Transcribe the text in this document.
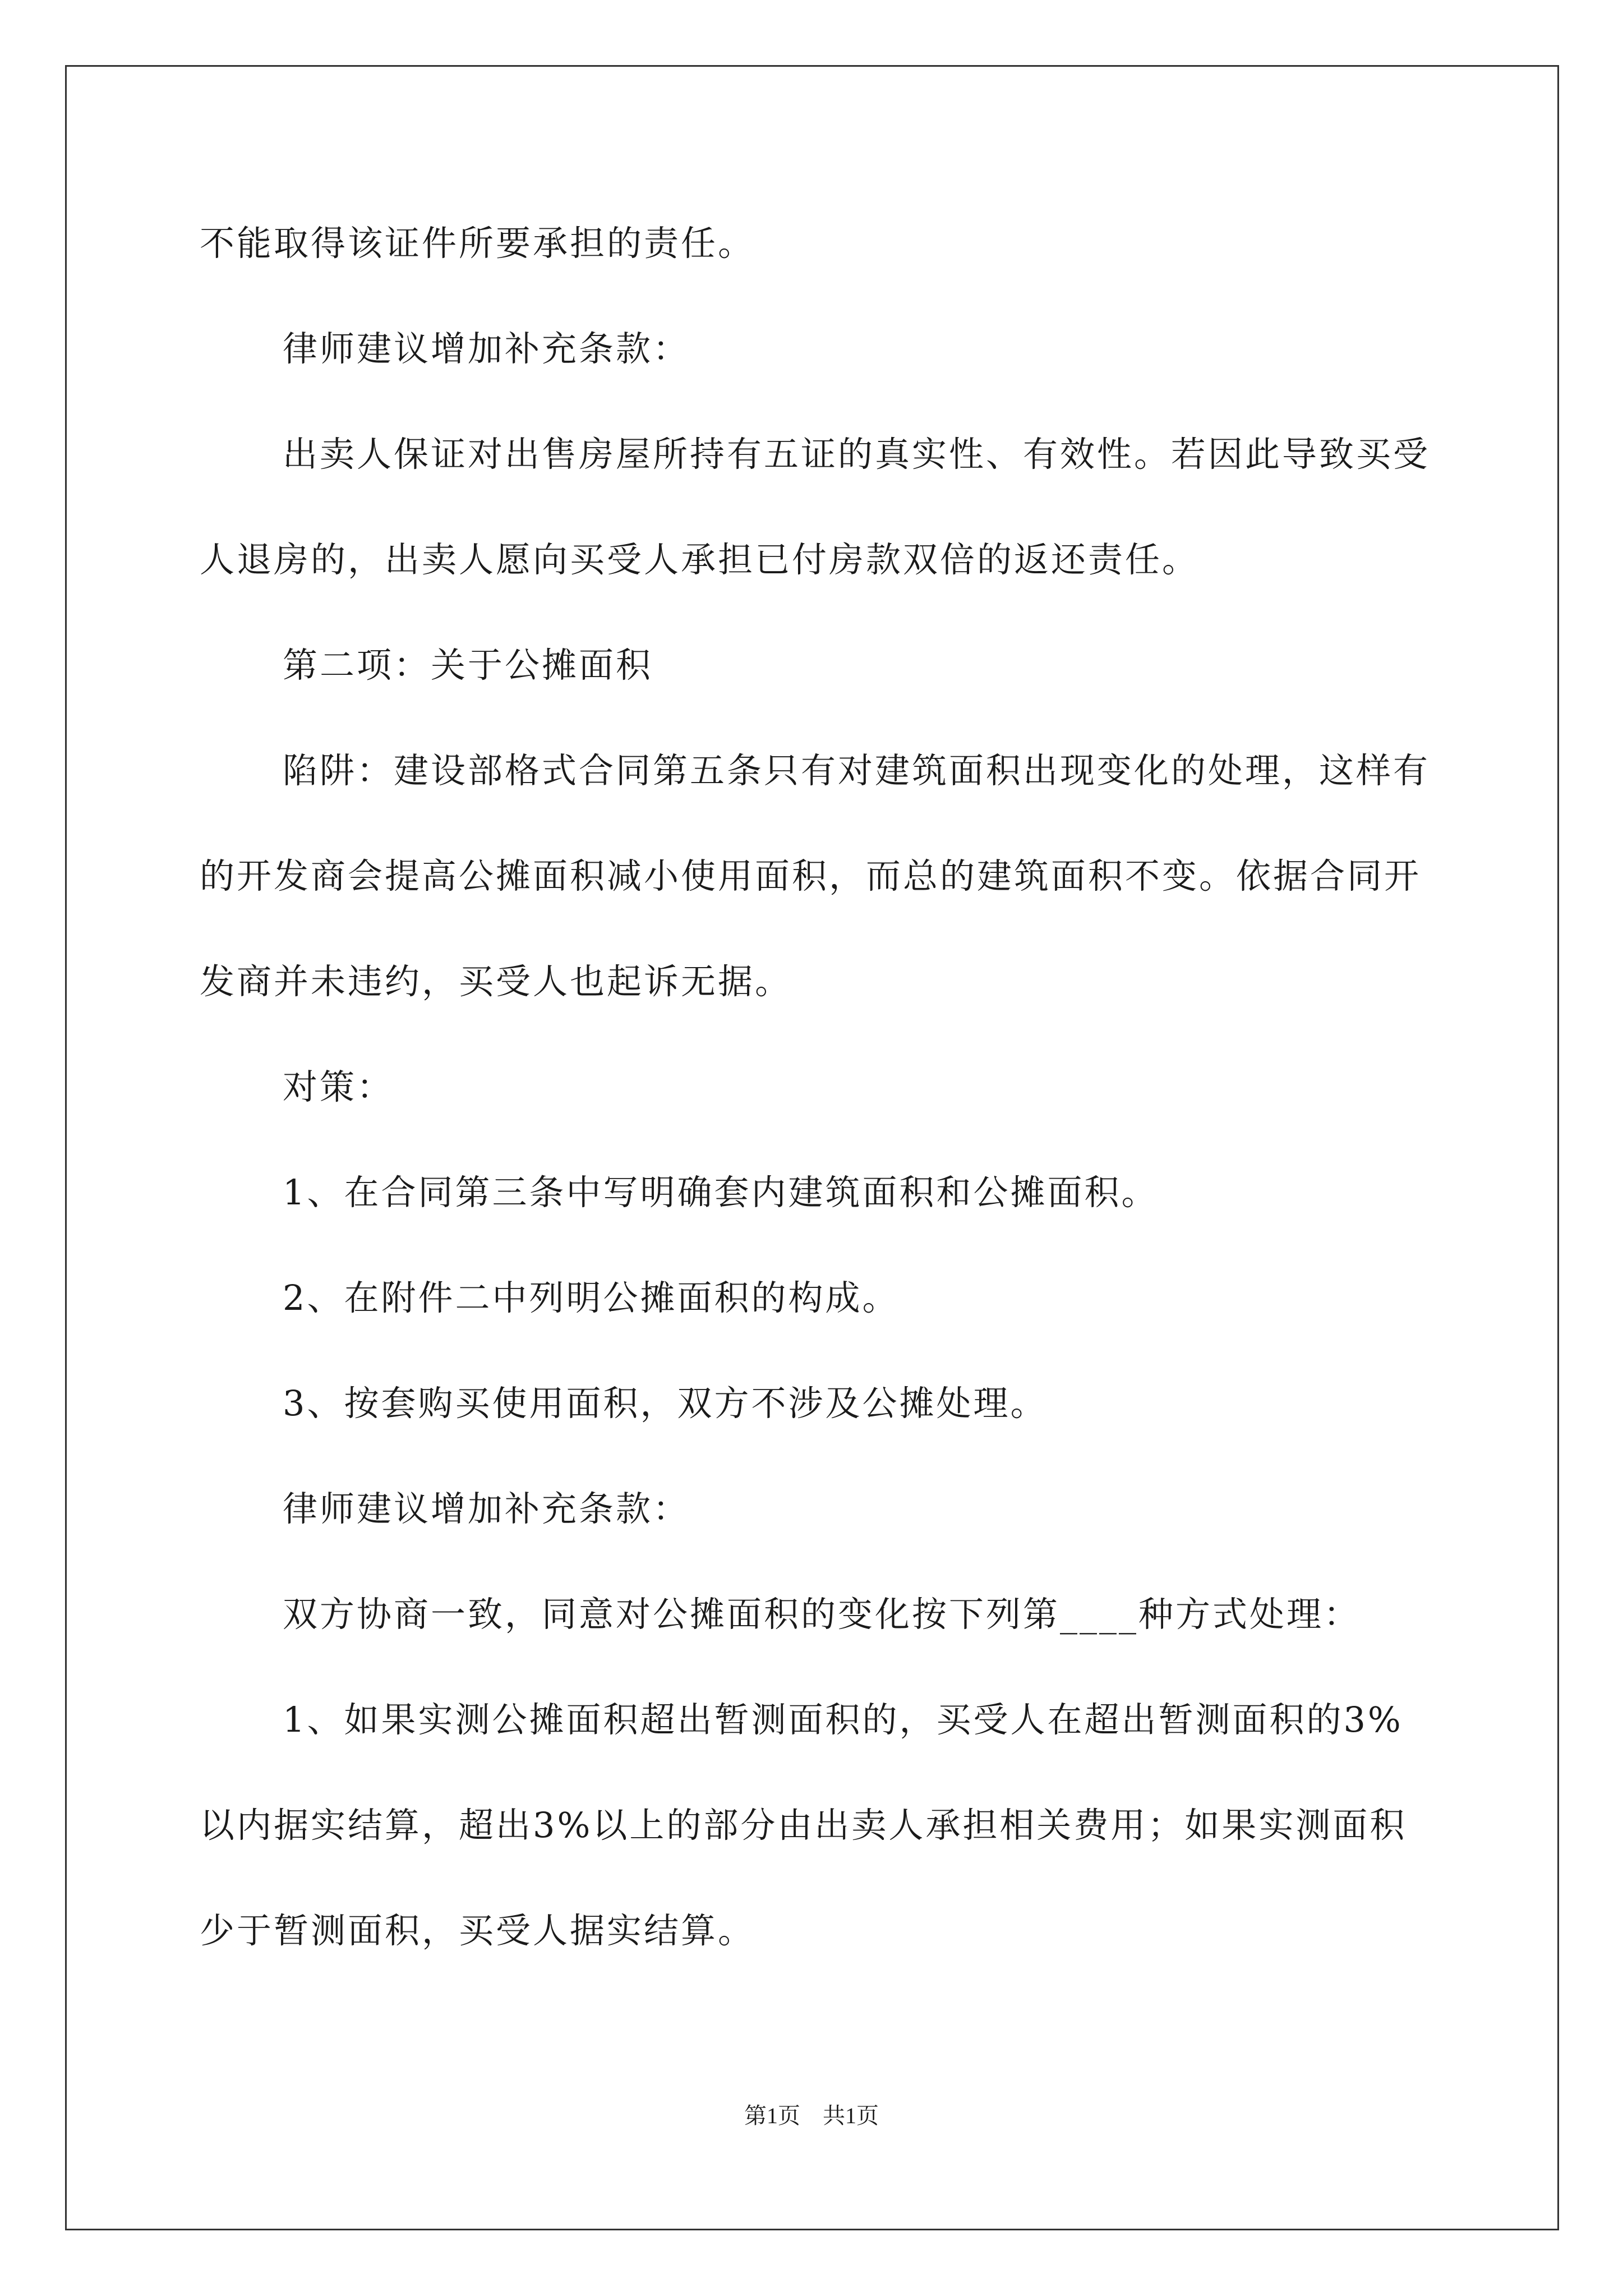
不能取得该证件所要承担的责任。

律师建议增加补充条款：

出卖人保证对出售房屋所持有五证的真实性、有效性。若因此导致买受人退房的，出卖人愿向买受人承担已付房款双倍的返还责任。

第二项：关于公摊面积

陷阱：建设部格式合同第五条只有对建筑面积出现变化的处理，这样有的开发商会提高公摊面积减小使用面积，而总的建筑面积不变。依据合同开发商并未违约，买受人也起诉无据。

对策：

1、在合同第三条中写明确套内建筑面积和公摊面积。

2、在附件二中列明公摊面积的构成。

3、按套购买使用面积，双方不涉及公摊处理。

律师建议增加补充条款：

双方协商一致，同意对公摊面积的变化按下列第____种方式处理：

1、如果实测公摊面积超出暂测面积的，买受人在超出暂测面积的3%以内据实结算，超出3%以上的部分由出卖人承担相关费用；如果实测面积少于暂测面积，买受人据实结算。

第1页 共1页
